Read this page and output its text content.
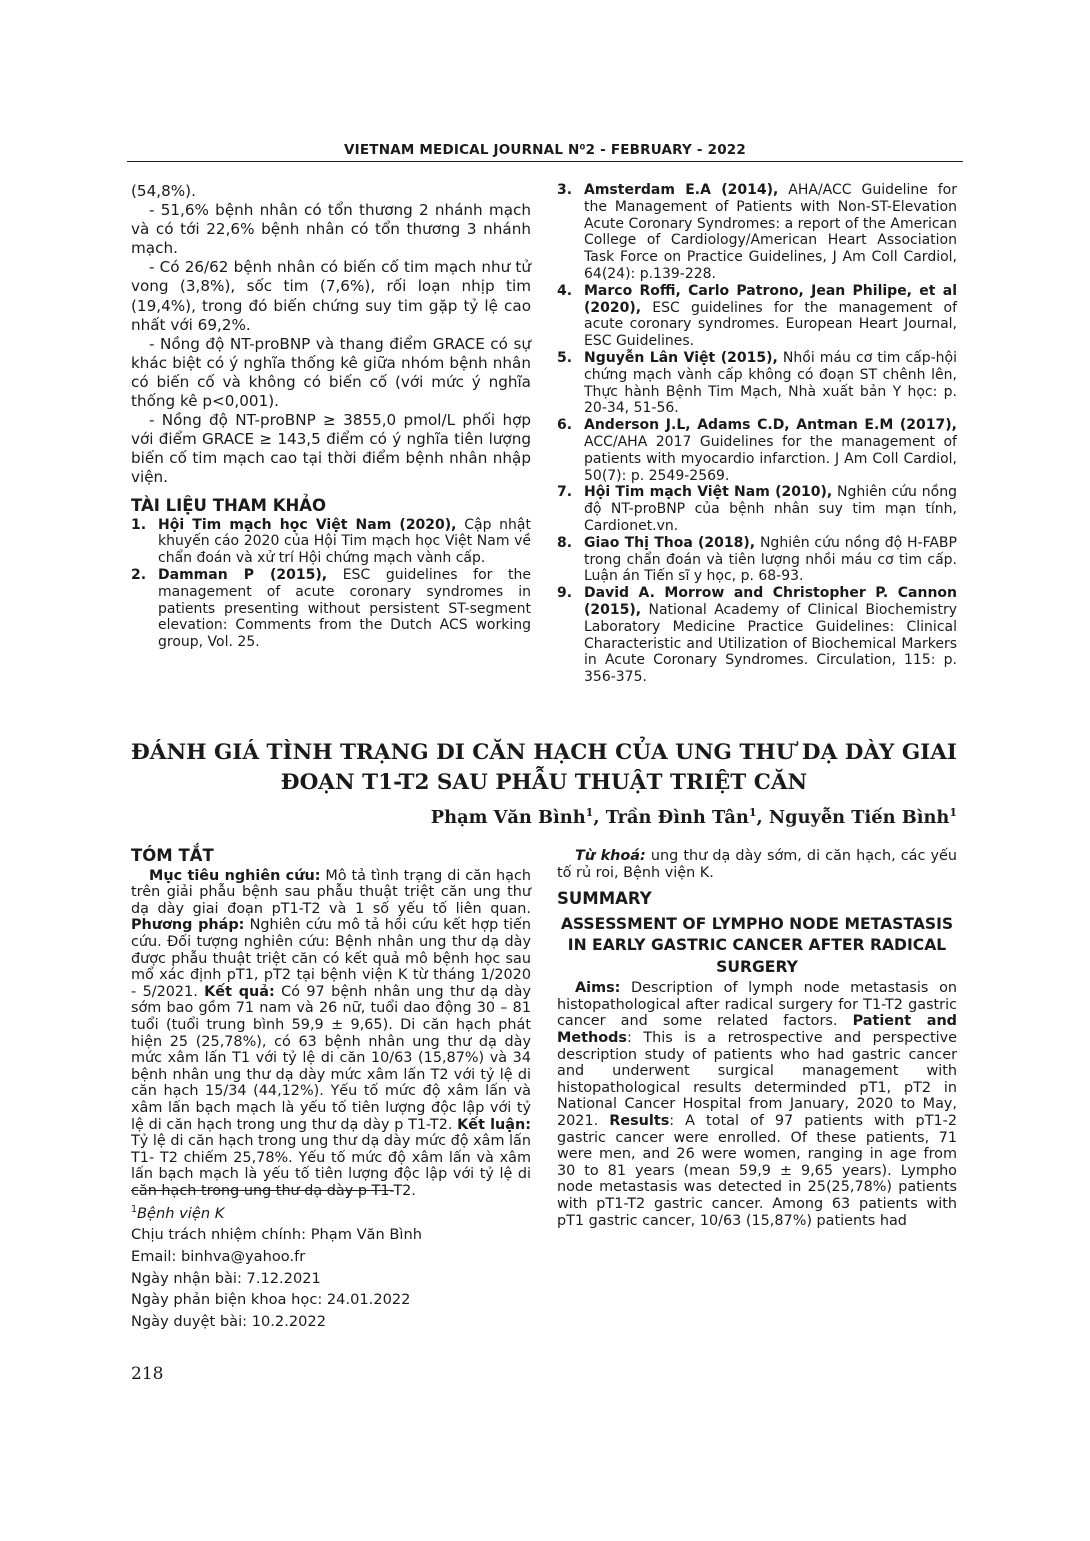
VIETNAM MEDICAL JOURNAL N⁰2 - FEBRUARY - 2022

(54,8%).

- 51,6% bệnh nhân có tổn thương 2 nhánh mạch và có tới 22,6% bệnh nhân có tổn thương 3 nhánh mạch.

- Có 26/62 bệnh nhân có biến cố tim mạch như tử vong (3,8%), sốc tim (7,6%), rối loạn nhịp tim (19,4%), trong đó biến chứng suy tim gặp tỷ lệ cao nhất với 69,2%.

- Nồng độ NT-proBNP và thang điểm GRACE có sự khác biệt có ý nghĩa thống kê giữa nhóm bệnh nhân có biến cố và không có biến cố (với mức ý nghĩa thống kê p<0,001).

- Nồng độ NT-proBNP ≥ 3855,0 pmol/L phối hợp với điểm GRACE ≥ 143,5 điểm có ý nghĩa tiên lượng biến cố tim mạch cao tại thời điểm bệnh nhân nhập viện.

TÀI LIỆU THAM KHẢO

1. Hội Tim mạch học Việt Nam (2020), Cập nhật khuyến cáo 2020 của Hội Tim mạch học Việt Nam về chẩn đoán và xử trí Hội chứng mạch vành cấp.

2. Damman P (2015), ESC guidelines for the management of acute coronary syndromes in patients presenting without persistent ST-segment elevation: Comments from the Dutch ACS working group, Vol. 25.

3. Amsterdam E.A (2014), AHA/ACC Guideline for the Management of Patients with Non-ST-Elevation Acute Coronary Syndromes: a report of the American College of Cardiology/American Heart Association Task Force on Practice Guidelines, J Am Coll Cardiol, 64(24): p.139-228.

4. Marco Roffi, Carlo Patrono, Jean Philipe, et al (2020), ESC guidelines for the management of acute coronary syndromes. European Heart Journal, ESC Guidelines.

5. Nguyễn Lân Việt (2015), Nhồi máu cơ tim cấp-hội chứng mạch vành cấp không có đoạn ST chênh lên, Thực hành Bệnh Tim Mạch, Nhà xuất bản Y học: p. 20-34, 51-56.

6. Anderson J.L, Adams C.D, Antman E.M (2017), ACC/AHA 2017 Guidelines for the management of patients with myocardio infarction. J Am Coll Cardiol, 50(7): p. 2549-2569.

7. Hội Tim mạch Việt Nam (2010), Nghiên cứu nồng độ NT-proBNP của bệnh nhân suy tim mạn tính, Cardionet.vn.

8. Giao Thị Thoa (2018), Nghiên cứu nồng độ H-FABP trong chẩn đoán và tiên lượng nhồi máu cơ tim cấp. Luận án Tiến sĩ y học, p. 68-93.

9. David A. Morrow and Christopher P. Cannon (2015), National Academy of Clinical Biochemistry Laboratory Medicine Practice Guidelines: Clinical Characteristic and Utilization of Biochemical Markers in Acute Coronary Syndromes. Circulation, 115: p. 356-375.

ĐÁNH GIÁ TÌNH TRẠNG DI CĂN HẠCH CỦA UNG THƯ DẠ DÀY GIAI
ĐOẠN T1-T2 SAU PHẪU THUẬT TRIỆT CĂN
Phạm Văn Bình$^1$, Trần Đình Tân$^1$, Nguyễn Tiến Bình$^1$
TÓM TẮT

Mục tiêu nghiên cứu: Mô tả tình trạng di căn hạch trên giải phẫu bệnh sau phẫu thuật triệt căn ung thư dạ dày giai đoạn pT1-T2 và 1 số yếu tố liên quan. Phương pháp: Nghiên cứu mô tả hồi cứu kết hợp tiến cứu. Đối tượng nghiên cứu: Bệnh nhân ung thư dạ dày được phẫu thuật triệt căn có kết quả mô bệnh học sau mổ xác định pT1, pT2 tại bệnh viện K từ tháng 1/2020 - 5/2021. Kết quả: Có 97 bệnh nhân ung thư dạ dày sớm bao gồm 71 nam và 26 nữ, tuổi dao động 30 – 81 tuổi (tuổi trung bình 59,9 ± 9,65). Di căn hạch phát hiện 25 (25,78%), có 63 bệnh nhân ung thư dạ dày mức xâm lấn T1 với tỷ lệ di căn 10/63 (15,87%) và 34 bệnh nhân ung thư dạ dày mức xâm lấn T2 với tỷ lệ di căn hạch 15/34 (44,12%). Yếu tố mức độ xâm lấn và xâm lấn bạch mạch là yếu tố tiên lượng độc lập với tỷ lệ di căn hạch trong ung thư dạ dày p T1-T2. Kết luận: Tỷ lệ di căn hạch trong ung thư dạ dày mức độ xâm lấn T1- T2 chiếm 25,78%. Yếu tố mức độ xâm lấn và xâm lấn bạch mạch là yếu tố tiên lượng độc lập với tỷ lệ di căn hạch trong ung thư dạ dày p T1-T2.

Từ khoá: ung thư dạ dày sớm, di căn hạch, các yếu tố rủ roi, Bệnh viện K.

SUMMARY
ASSESSMENT OF LYMPHO NODE METASTASIS IN EARLY GASTRIC CANCER AFTER RADICAL SURGERY

Aims: Description of lymph node metastasis on histopathological after radical surgery for T1-T2 gastric cancer and some related factors. Patient and Methods: This is a retrospective and perspective description study of patients who had gastric cancer and underwent surgical management with histopathological results determinded pT1, pT2 in National Cancer Hospital from January, 2020 to May, 2021. Results: A total of 97 patients with pT1-2 gastric cancer were enrolled. Of these patients, 71 were men, and 26 were women, ranging in age from 30 to 81 years (mean 59,9 ± 9,65 years). Lympho node metastasis was detected in 25(25,78%) patients with pT1-T2 gastric cancer. Among 63 patients with pT1 gastric cancer, 10/63 (15,87%) patients had

$^1$Bệnh viện K

Chịu trách nhiệm chính: Phạm Văn Bình

Email: binhva@yahoo.fr

Ngày nhận bài: 7.12.2021

Ngày phản biện khoa học: 24.01.2022

Ngày duyệt bài: 10.2.2022

218
